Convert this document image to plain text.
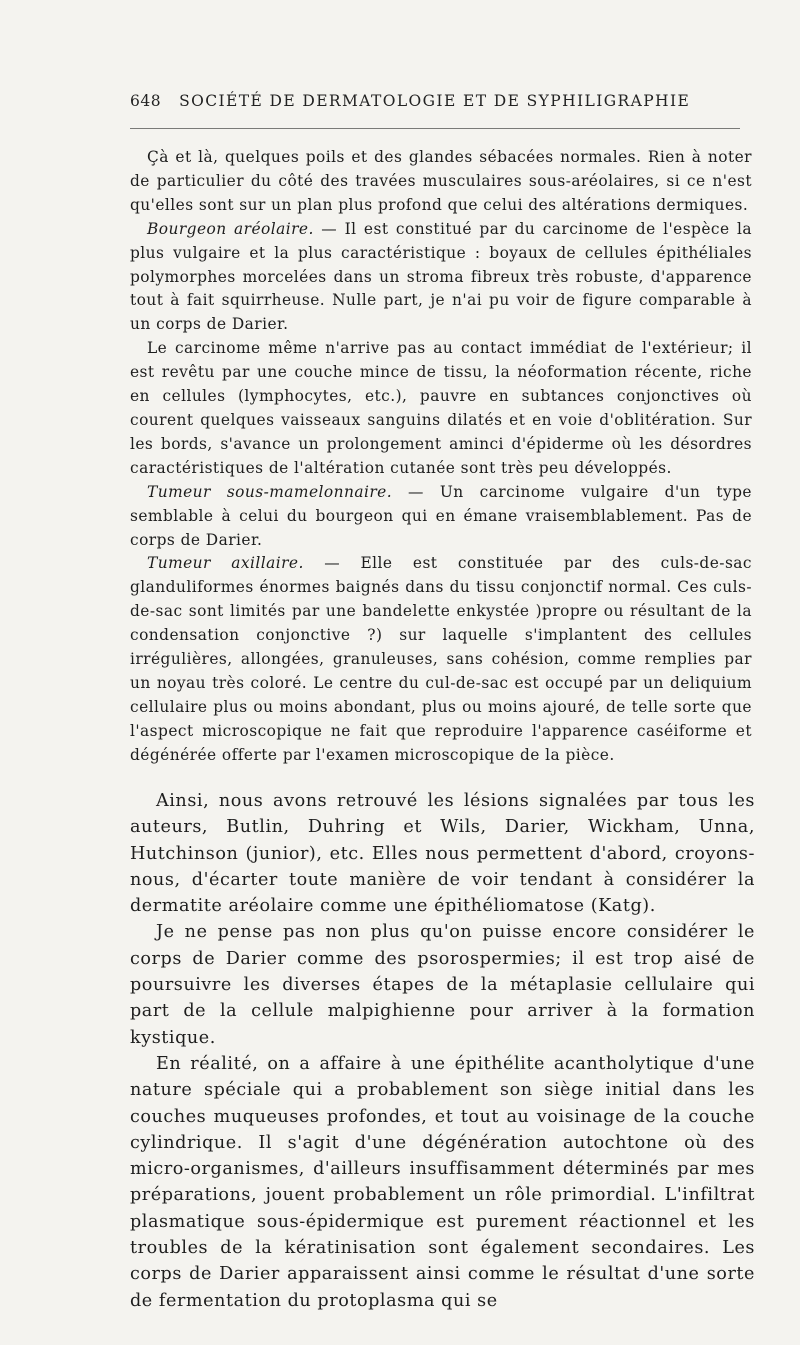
648 SOCIÉTÉ DE DERMATOLOGIE ET DE SYPHILIGRAPHIE

Çà et là, quelques poils et des glandes sébacées normales. Rien à noter de particulier du côté des travées musculaires sous-aréolaires, si ce n'est qu'elles sont sur un plan plus profond que celui des altérations dermiques.

Bourgeon aréolaire. — Il est constitué par du carcinome de l'espèce la plus vulgaire et la plus caractéristique : boyaux de cellules épithéliales polymorphes morcelées dans un stroma fibreux très robuste, d'apparence tout à fait squirrheuse. Nulle part, je n'ai pu voir de figure comparable à un corps de Darier.

Le carcinome même n'arrive pas au contact immédiat de l'extérieur; il est revêtu par une couche mince de tissu, la néoformation récente, riche en cellules (lymphocytes, etc.), pauvre en subtances conjonctives où courent quelques vaisseaux sanguins dilatés et en voie d'oblitération. Sur les bords, s'avance un prolongement aminci d'épiderme où les désordres caractéristiques de l'altération cutanée sont très peu développés.

Tumeur sous-mamelonnaire. — Un carcinome vulgaire d'un type semblable à celui du bourgeon qui en émane vraisemblablement. Pas de corps de Darier.

Tumeur axillaire. — Elle est constituée par des culs-de-sac glanduliformes énormes baignés dans du tissu conjonctif normal. Ces culs-de-sac sont limités par une bandelette enkystée )propre ou résultant de la condensation conjonctive ?) sur laquelle s'implantent des cellules irrégulières, allongées, granuleuses, sans cohésion, comme remplies par un noyau très coloré. Le centre du cul-de-sac est occupé par un deliquium cellulaire plus ou moins abondant, plus ou moins ajouré, de telle sorte que l'aspect microscopique ne fait que reproduire l'apparence caséiforme et dégénérée offerte par l'examen microscopique de la pièce.

Ainsi, nous avons retrouvé les lésions signalées par tous les auteurs, Butlin, Duhring et Wils, Darier, Wickham, Unna, Hutchinson (junior), etc. Elles nous permettent d'abord, croyons-nous, d'écarter toute manière de voir tendant à considérer la dermatite aréolaire comme une épithéliomatose (Katg).

Je ne pense pas non plus qu'on puisse encore considérer le corps de Darier comme des psorospermies; il est trop aisé de poursuivre les diverses étapes de la métaplasie cellulaire qui part de la cellule malpighienne pour arriver à la formation kystique.

En réalité, on a affaire à une épithélite acantholytique d'une nature spéciale qui a probablement son siège initial dans les couches muqueuses profondes, et tout au voisinage de la couche cylindrique. Il s'agit d'une dégénération autochtone où des micro-organismes, d'ailleurs insuffisamment déterminés par mes préparations, jouent probablement un rôle primordial. L'infiltrat plasmatique sous-épidermique est purement réactionnel et les troubles de la kératinisation sont également secondaires. Les corps de Darier apparaissent ainsi comme le résultat d'une sorte de fermentation du protoplasma qui se
